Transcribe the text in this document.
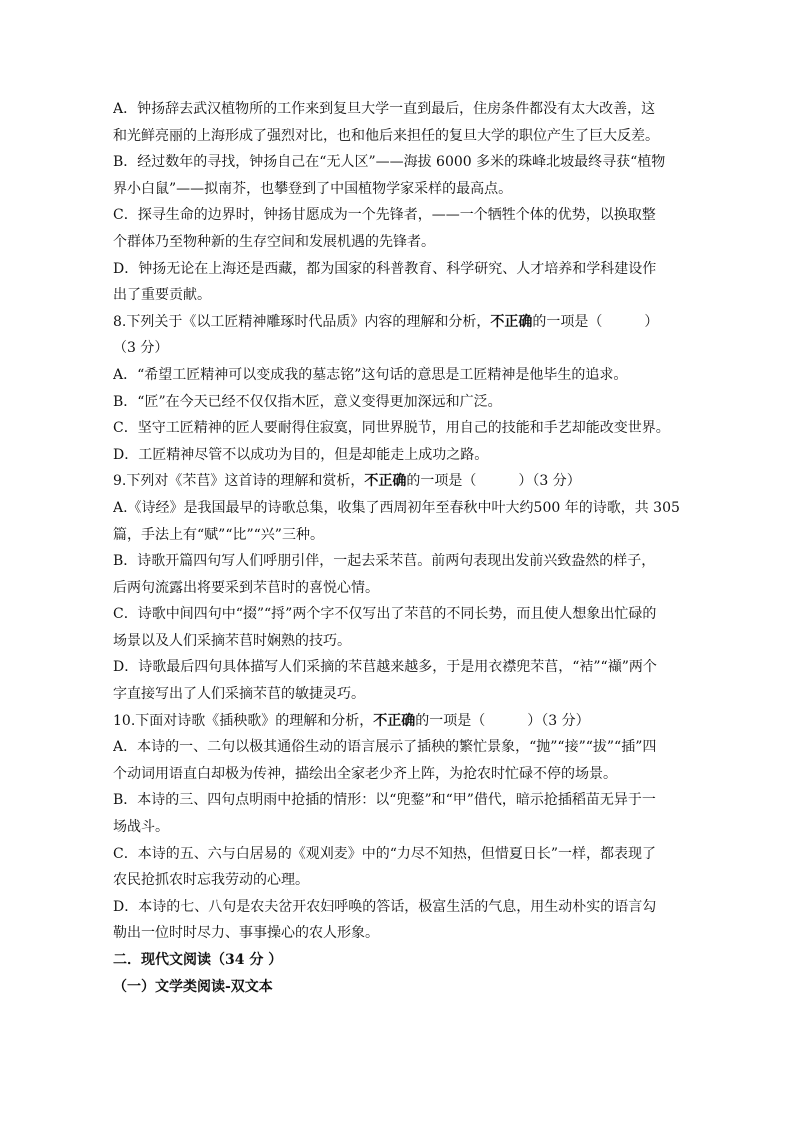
A．钟扬辞去武汉植物所的工作来到复旦大学一直到最后，住房条件都没有太大改善，这
和光鲜亮丽的上海形成了强烈对比，也和他后来担任的复旦大学的职位产生了巨大反差。
B．经过数年的寻找，钟扬自己在“无人区”——海拔 6000 多米的珠峰北坡最终寻获“植物
界小白鼠”——拟南芥，也攀登到了中国植物学家采样的最高点。
C．探寻生命的边界时，钟扬甘愿成为一个先锋者，——一个牺牲个体的优势，以换取整
个群体乃至物种新的生存空间和发展机遇的先锋者。
D．钟扬无论在上海还是西藏，都为国家的科普教育、科学研究、人才培养和学科建设作
出了重要贡献。
8.下列关于《以工匠精神雕琢时代品质》内容的理解和分析，不正确的一项是（　　　）
（3 分）
A．“希望工匠精神可以变成我的墓志铭”这句话的意思是工匠精神是他毕生的追求。
B．“匠”在今天已经不仅仅指木匠，意义变得更加深远和广泛。
C．坚守工匠精神的匠人要耐得住寂寞，同世界脱节，用自己的技能和手艺却能改变世界。
D．工匠精神尽管不以成功为目的，但是却能走上成功之路。
9.下列对《芣苢》这首诗的理解和赏析，不正确的一项是（　　　）（3 分）
A.《诗经》是我国最早的诗歌总集，收集了西周初年至春秋中叶大约500 年的诗歌，共 305
篇，手法上有“赋”“比”“兴”三种。
B．诗歌开篇四句写人们呼朋引伴，一起去采芣苢。前两句表现出发前兴致盎然的样子，
后两句流露出将要采到芣苢时的喜悦心情。
C．诗歌中间四句中“掇”“捋”两个字不仅写出了芣苢的不同长势，而且使人想象出忙碌的
场景以及人们采摘芣苢时娴熟的技巧。
D．诗歌最后四句具体描写人们采摘的芣苢越来越多，于是用衣襟兜芣苢，“袺”“襭”两个
字直接写出了人们采摘芣苢的敏捷灵巧。
10.下面对诗歌《插秧歌》的理解和分析，不正确的一项是（　　　）（3 分）
A．本诗的一、二句以极其通俗生动的语言展示了插秧的繁忙景象，“抛”“接”“拔”“插”四
个动词用语直白却极为传神，描绘出全家老少齐上阵，为抢农时忙碌不停的场景。
B．本诗的三、四句点明雨中抢插的情形：以“兜鍪”和“甲”借代，暗示抢插稻苗无异于一
场战斗。
C．本诗的五、六与白居易的《观刈麦》中的“力尽不知热，但惜夏日长”一样，都表现了
农民抢抓农时忘我劳动的心理。
D．本诗的七、八句是农夫岔开农妇呼唤的答话，极富生活的气息，用生动朴实的语言勾
勒出一位时时尽力、事事操心的农人形象。
二．现代文阅读（34 分 ）
（一）文学类阅读-双文本
